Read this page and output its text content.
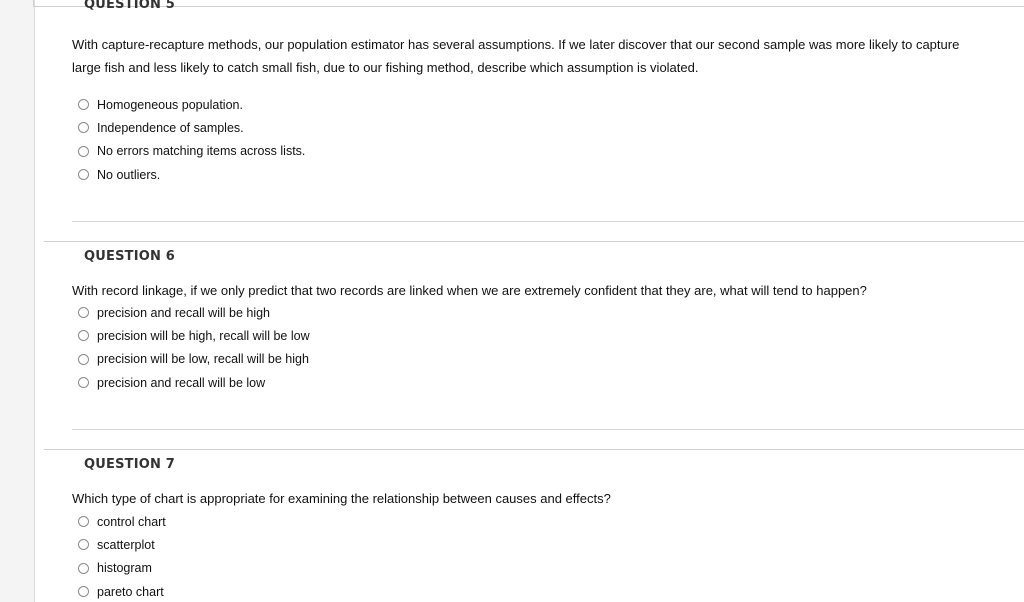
QUESTION 5
With capture-recapture methods, our population estimator has several assumptions. If we later discover that our second sample was more likely to capture large fish and less likely to catch small fish, due to our fishing method, describe which assumption is violated.
Homogeneous population.
Independence of samples.
No errors matching items across lists.
No outliers.
QUESTION 6
With record linkage, if we only predict that two records are linked when we are extremely confident that they are, what will tend to happen?
precision and recall will be high
precision will be high, recall will be low
precision will be low, recall will be high
precision and recall will be low
QUESTION 7
Which type of chart is appropriate for examining the relationship between causes and effects?
control chart
scatterplot
histogram
pareto chart
